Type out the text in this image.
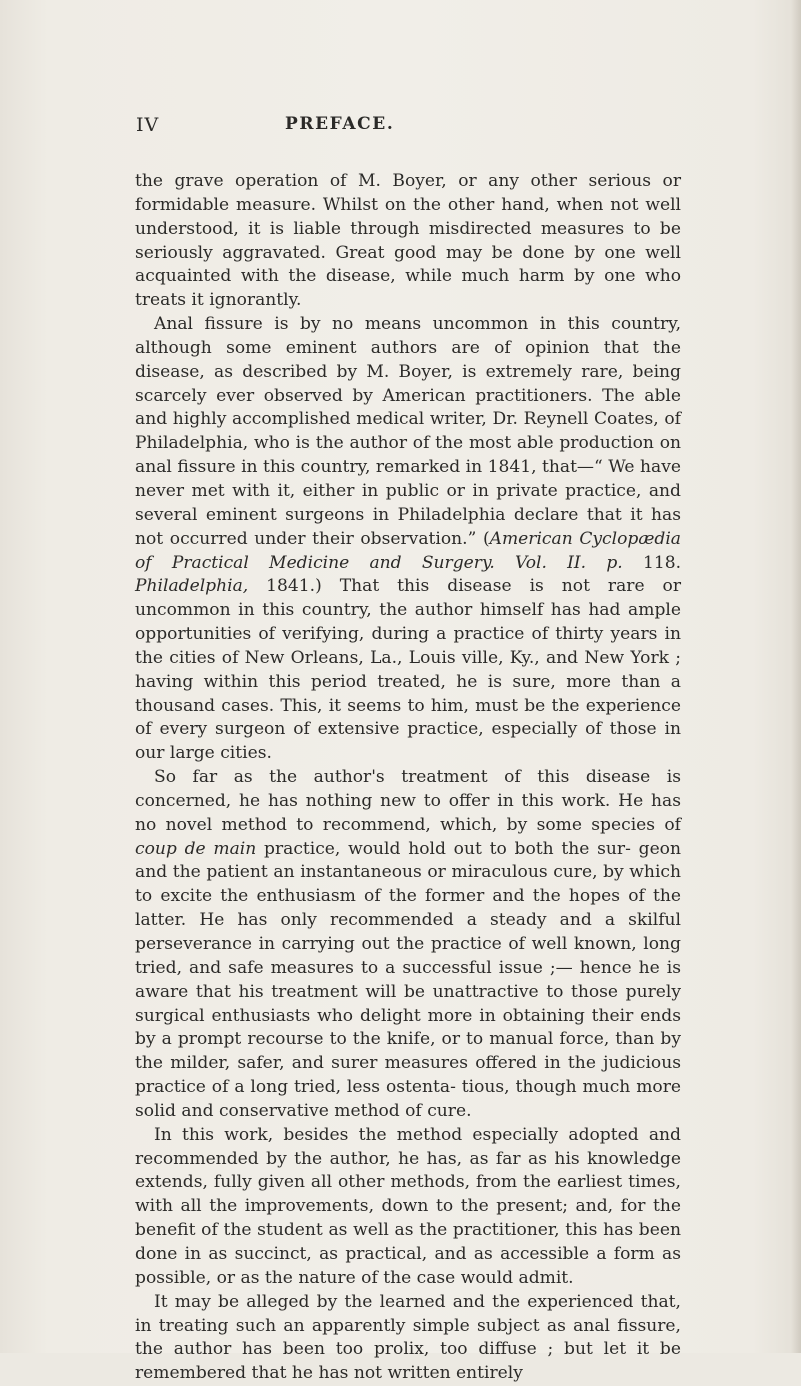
IV	PREFACE.

the grave operation of M. Boyer, or any other serious or formidable measure. Whilst on the other hand, when not well understood, it is liable through misdirected measures to be seriously aggravated. Great good may be done by one well acquainted with the disease, while much harm by one who treats it ignorantly.

Anal fissure is by no means uncommon in this country, although some eminent authors are of opinion that the disease, as described by M. Boyer, is extremely rare, being scarcely ever observed by American practitioners. The able and highly accomplished medical writer, Dr. Reynell Coates, of Philadelphia, who is the author of the most able production on anal fissure in this country, remarked in 1841, that—“ We have never met with it, either in public or in private practice, and several eminent surgeons in Philadelphia declare that it has not occurred under their observation.” (American Cyclopædia of Practical Medicine and Surgery. Vol. II. p. 118. Philadelphia, 1841.) That this disease is not rare or uncommon in this country, the author himself has had ample opportunities of verifying, during a practice of thirty years in the cities of New Orleans, La., Louis ville, Ky., and New York ; having within this period treated, he is sure, more than a thousand cases. This, it seems to him, must be the experience of every surgeon of extensive practice, especially of those in our large cities.

So far as the author's treatment of this disease is concerned, he has nothing new to offer in this work. He has no novel method to recommend, which, by some species of coup de main practice, would hold out to both the sur- geon and the patient an instantaneous or miraculous cure, by which to excite the enthusiasm of the former and the hopes of the latter. He has only recommended a steady and a skilful perseverance in carrying out the practice of well known, long tried, and safe measures to a successful issue ;— hence he is aware that his treatment will be unattractive to those purely surgical enthusiasts who delight more in obtaining their ends by a prompt recourse to the knife, or to manual force, than by the milder, safer, and surer measures offered in the judicious practice of a long tried, less ostenta- tious, though much more solid and conservative method of cure.

In this work, besides the method especially adopted and recommended by the author, he has, as far as his knowledge extends, fully given all other methods, from the earliest times, with all the improvements, down to the present; and, for the benefit of the student as well as the practitioner, this has been done in as succinct, as practical, and as accessible a form as possible, or as the nature of the case would admit.

It may be alleged by the learned and the experienced that, in treating such an apparently simple subject as anal fissure, the author has been too prolix, too diffuse ; but let it be remembered that he has not written entirely
